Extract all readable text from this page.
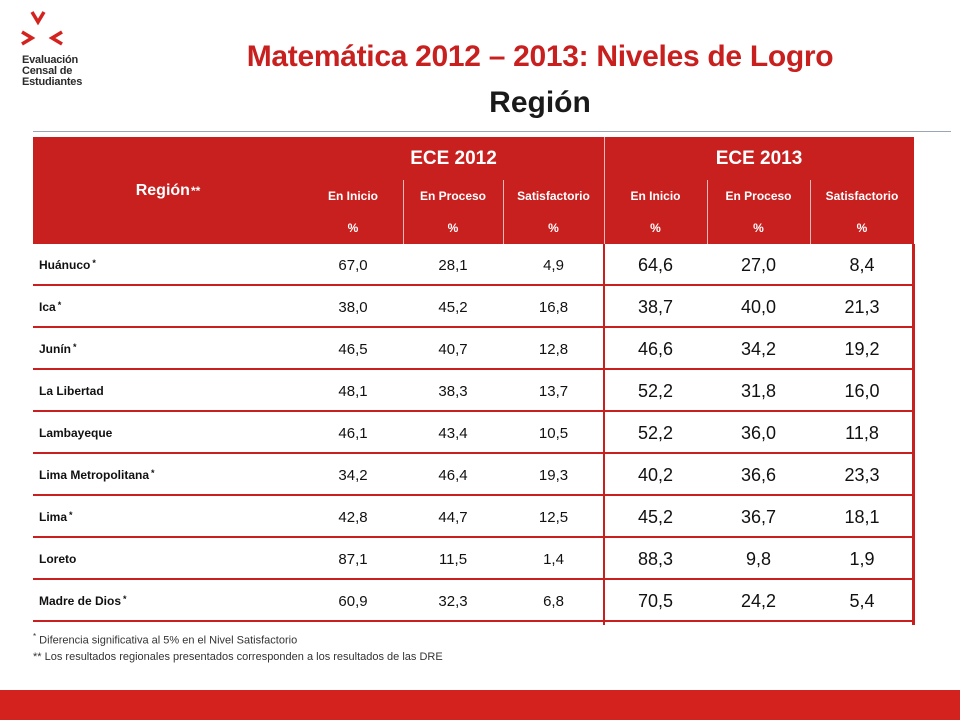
Evaluación
Censal de
Estudiantes
Matemática 2012 – 2013: Niveles de Logro
Región
Región **
ECE 2012	ECE 2013
En Inicio	En Proceso	Satisfactorio	En Inicio	En Proceso	Satisfactorio
%	%	%	%	%	%
Huánuco*	67,0	28,1	4,9	64,6	27,0	8,4
Ica*	38,0	45,2	16,8	38,7	40,0	21,3
Junín*	46,5	40,7	12,8	46,6	34,2	19,2
La Libertad	48,1	38,3	13,7	52,2	31,8	16,0
Lambayeque	46,1	43,4	10,5	52,2	36,0	11,8
Lima Metropolitana*	34,2	46,4	19,3	40,2	36,6	23,3
Lima*	42,8	44,7	12,5	45,2	36,7	18,1
Loreto	87,1	11,5	1,4	88,3	9,8	1,9
Madre de Dios*	60,9	32,3	6,8	70,5	24,2	5,4
* Diferencia significativa al 5% en el Nivel Satisfactorio
** Los resultados regionales presentados corresponden a los resultados de las DRE
